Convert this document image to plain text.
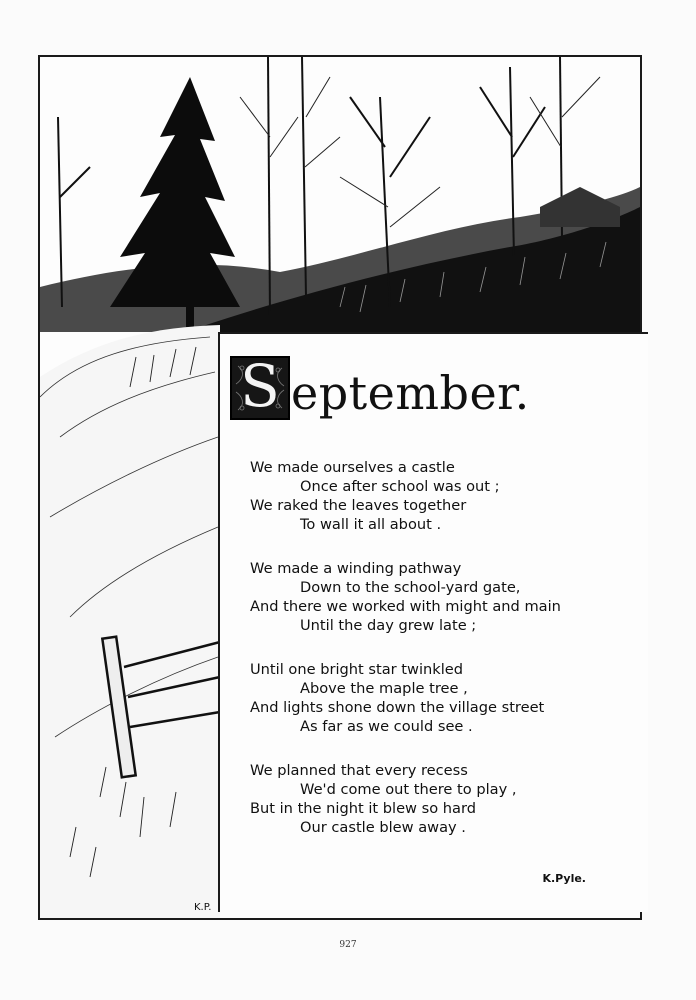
K.P.
S eptember.
We made ourselves a castle
Once after school was out ;
We raked the leaves together
To wall it all about .
We made a winding pathway
Down to the school-yard gate,
And there we worked with might and main
Until the day grew late ;
Until one bright star twinkled
Above the maple tree ,
And lights shone down the village street
As far as we could see .
We planned that every recess
We'd come out there to play ,
But in the night it blew so hard
Our castle blew away .
K.Pyle.
927
